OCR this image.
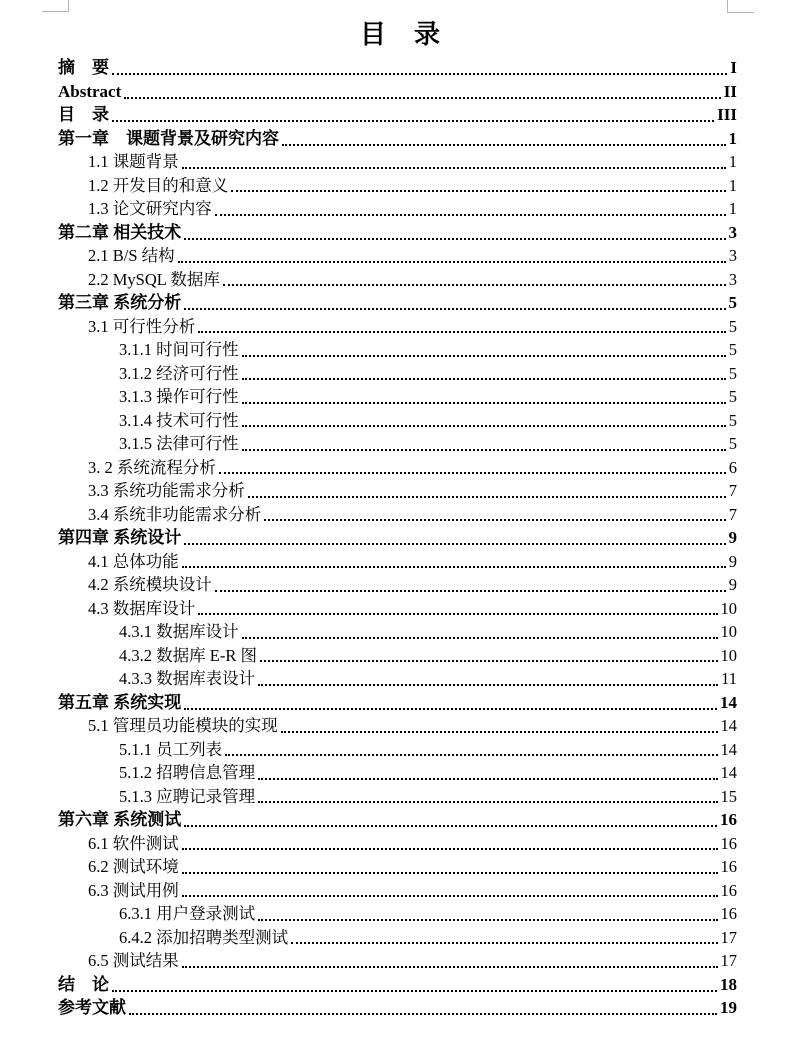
目　录
摘　要	I
Abstract	II
目　录	III
第一章　课题背景及研究内容	1
1.1 课题背景	1
1.2 开发目的和意义	1
1.3 论文研究内容	1
第二章 相关技术	3
2.1 B/S 结构	3
2.2 MySQL 数据库	3
第三章 系统分析	5
3.1 可行性分析	5
3.1.1 时间可行性	5
3.1.2 经济可行性	5
3.1.3 操作可行性	5
3.1.4 技术可行性	5
3.1.5 法律可行性	5
3. 2 系统流程分析	6
3.3 系统功能需求分析	7
3.4 系统非功能需求分析	7
第四章 系统设计	9
4.1 总体功能	9
4.2 系统模块设计	9
4.3 数据库设计	10
4.3.1 数据库设计	10
4.3.2 数据库 E-R 图	10
4.3.3 数据库表设计	11
第五章 系统实现	14
5.1 管理员功能模块的实现	14
5.1.1 员工列表	14
5.1.2 招聘信息管理	14
5.1.3 应聘记录管理	15
第六章 系统测试	16
6.1 软件测试	16
6.2 测试环境	16
6.3 测试用例	16
6.3.1 用户登录测试	16
6.4.2 添加招聘类型测试	17
6.5 测试结果	17
结　论	18
参考文献	19
